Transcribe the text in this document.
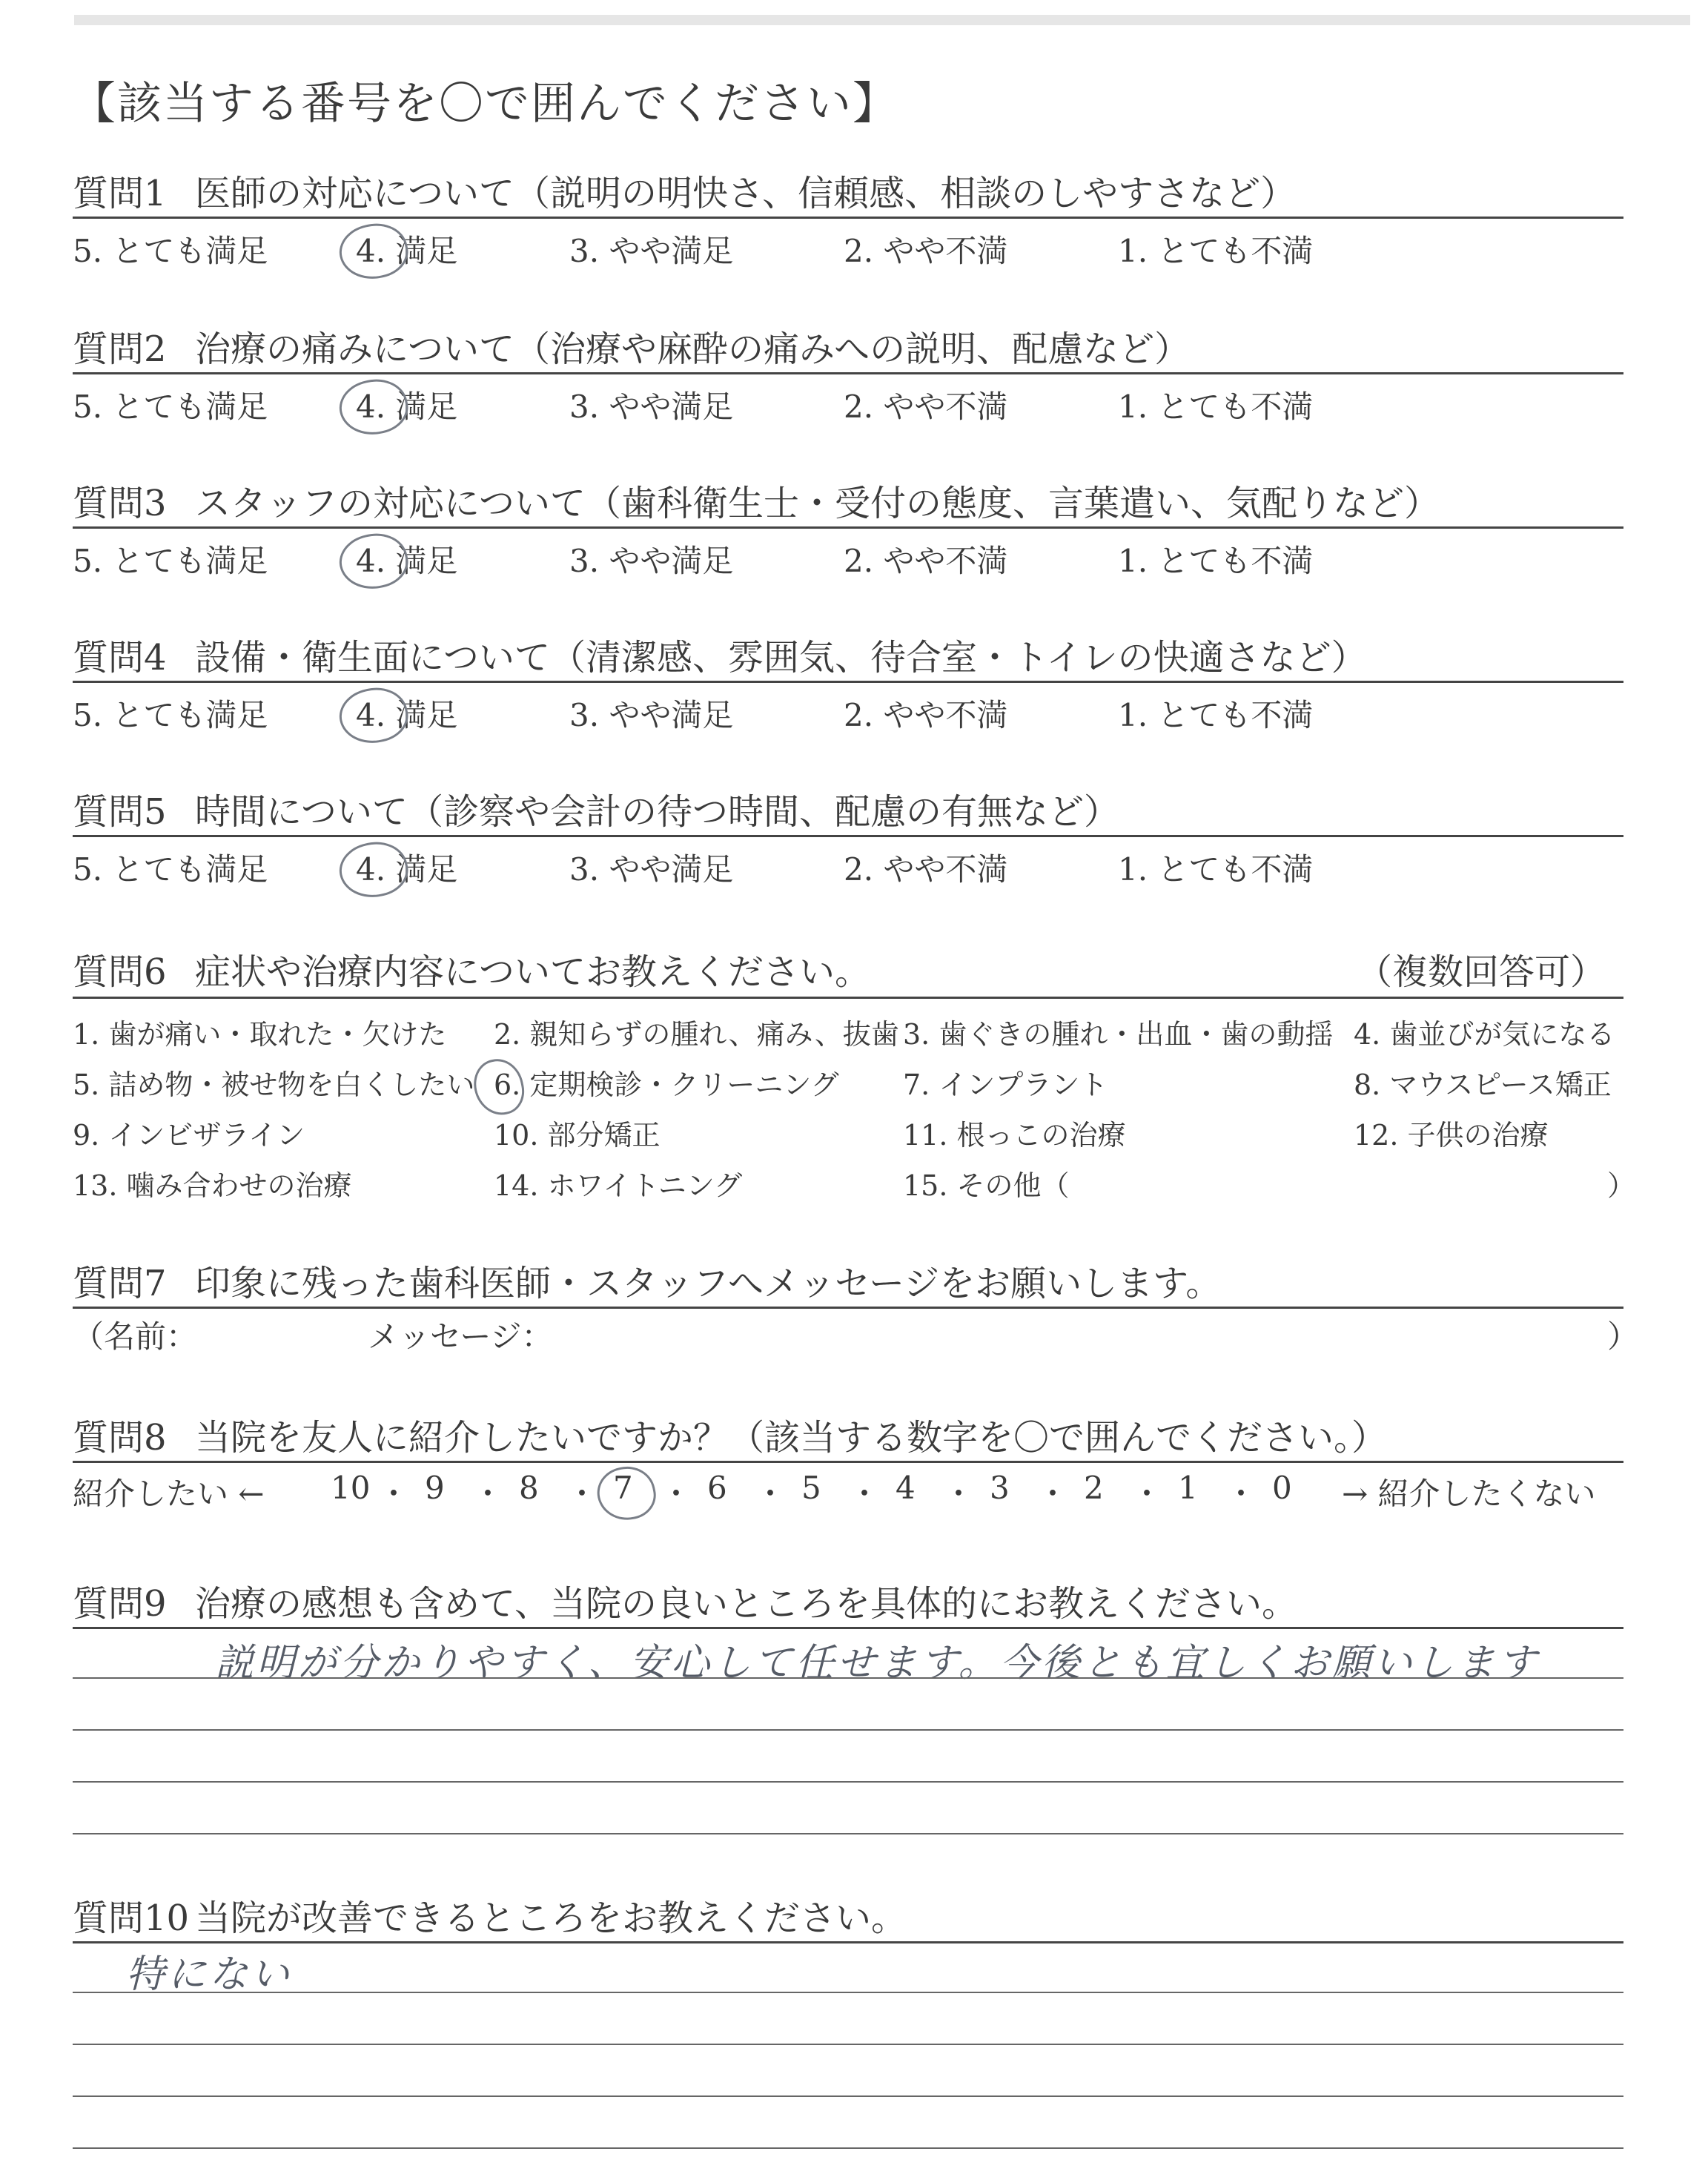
【該当する番号を〇で囲んでください】
質問1 医師の対応について（説明の明快さ、信頼感、相談のしやすさなど）
5. とても満足	4. 満足	3. やや満足	2. やや不満	1. とても不満
質問2 治療の痛みについて（治療や麻酔の痛みへの説明、配慮など）
5. とても満足	4. 満足	3. やや満足	2. やや不満	1. とても不満
質問3 スタッフの対応について（歯科衛生士・受付の態度、言葉遣い、気配りなど）
5. とても満足	4. 満足	3. やや満足	2. やや不満	1. とても不満
質問4 設備・衛生面について（清潔感、雰囲気、待合室・トイレの快適さなど）
5. とても満足	4. 満足	3. やや満足	2. やや不満	1. とても不満
質問5 時間について（診察や会計の待つ時間、配慮の有無など）
5. とても満足	4. 満足	3. やや満足	2. やや不満	1. とても不満
質問6 症状や治療内容についてお教えください。	（複数回答可）
1. 歯が痛い・取れた・欠けた 2. 親知らずの腫れ、痛み、抜歯 3. 歯ぐきの腫れ・出血・歯の動揺 4. 歯並びが気になる
5. 詰め物・被せ物を白くしたい 6. 定期検診・クリーニング 7. インプラント	8. マウスピース矯正
9. インビザライン	10. 部分矯正	11. 根っこの治療	12. 子供の治療
13. 噛み合わせの治療	14. ホワイトニング	15. その他（	）
質問7 印象に残った歯科医師・スタッフへメッセージをお願いします。
（名前：	メッセージ：	）
質問8 当院を友人に紹介したいですか？（該当する数字を〇で囲んでください。）
紹介したい ←	→ 紹介したくない
10 ・ 9 ・ 8 ・ 7 ・ 6 ・ 5 ・ 4 ・ 3 ・ 2 ・ 1 ・ 0
質問9 治療の感想も含めて、当院の良いところを具体的にお教えください。
説明が分かりやすく、安心して任せます。今後とも宜しくお願いします
質問10 当院が改善できるところをお教えください。
特にない
